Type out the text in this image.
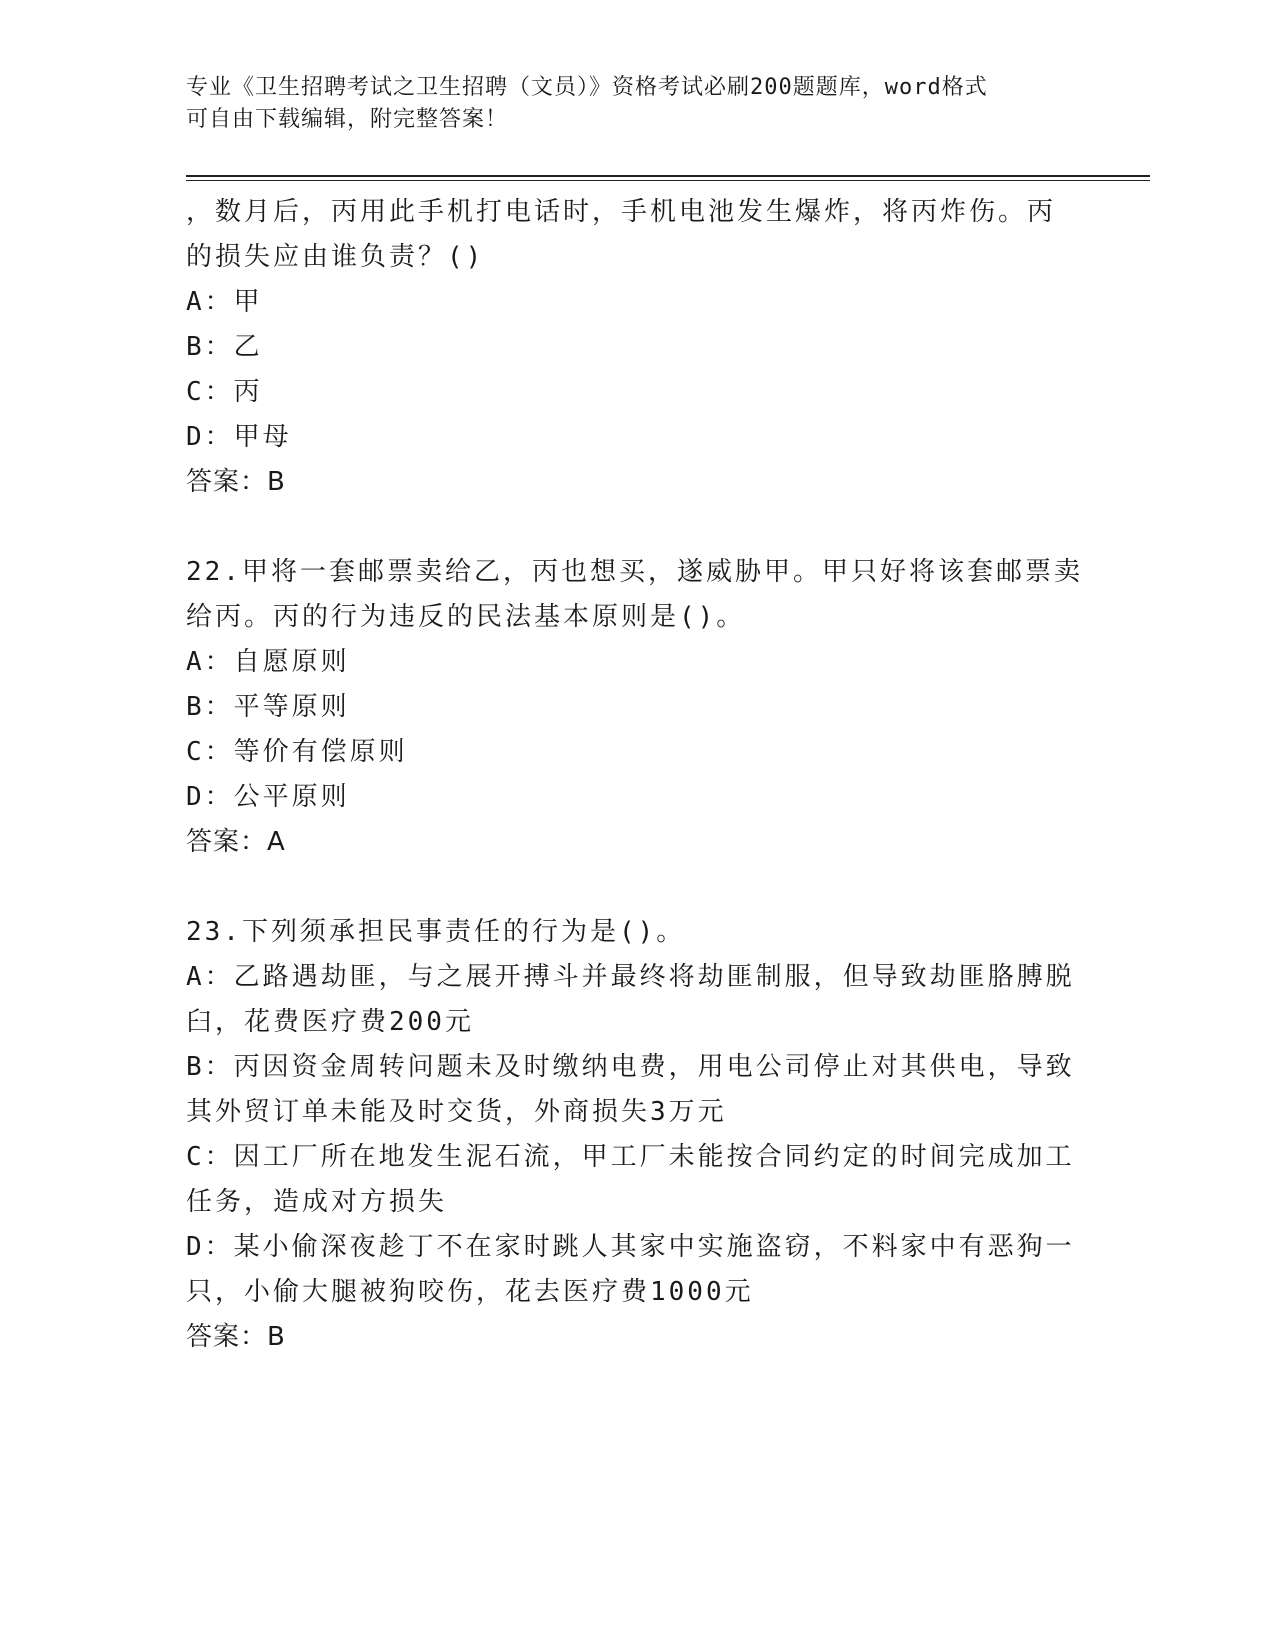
专业《卫生招聘考试之卫生招聘（文员）》资格考试必刷200题题库，word格式
可自由下载编辑，附完整答案！
，数月后，丙用此手机打电话时，手机电池发生爆炸，将丙炸伤。丙
的损失应由谁负责？()
A：甲
B：乙
C：丙
D：甲母
答案：B
22.甲将一套邮票卖给乙，丙也想买，遂威胁甲。甲只好将该套邮票卖
给丙。丙的行为违反的民法基本原则是()。
A：自愿原则
B：平等原则
C：等价有偿原则
D：公平原则
答案：A
23.下列须承担民事责任的行为是()。
A：乙路遇劫匪，与之展开搏斗并最终将劫匪制服，但导致劫匪胳膊脱
臼，花费医疗费200元
B：丙因资金周转问题未及时缴纳电费，用电公司停止对其供电，导致
其外贸订单未能及时交货，外商损失3万元
C：因工厂所在地发生泥石流，甲工厂未能按合同约定的时间完成加工
任务，造成对方损失
D：某小偷深夜趁丁不在家时跳人其家中实施盗窃，不料家中有恶狗一
只，小偷大腿被狗咬伤，花去医疗费1000元
答案：B
